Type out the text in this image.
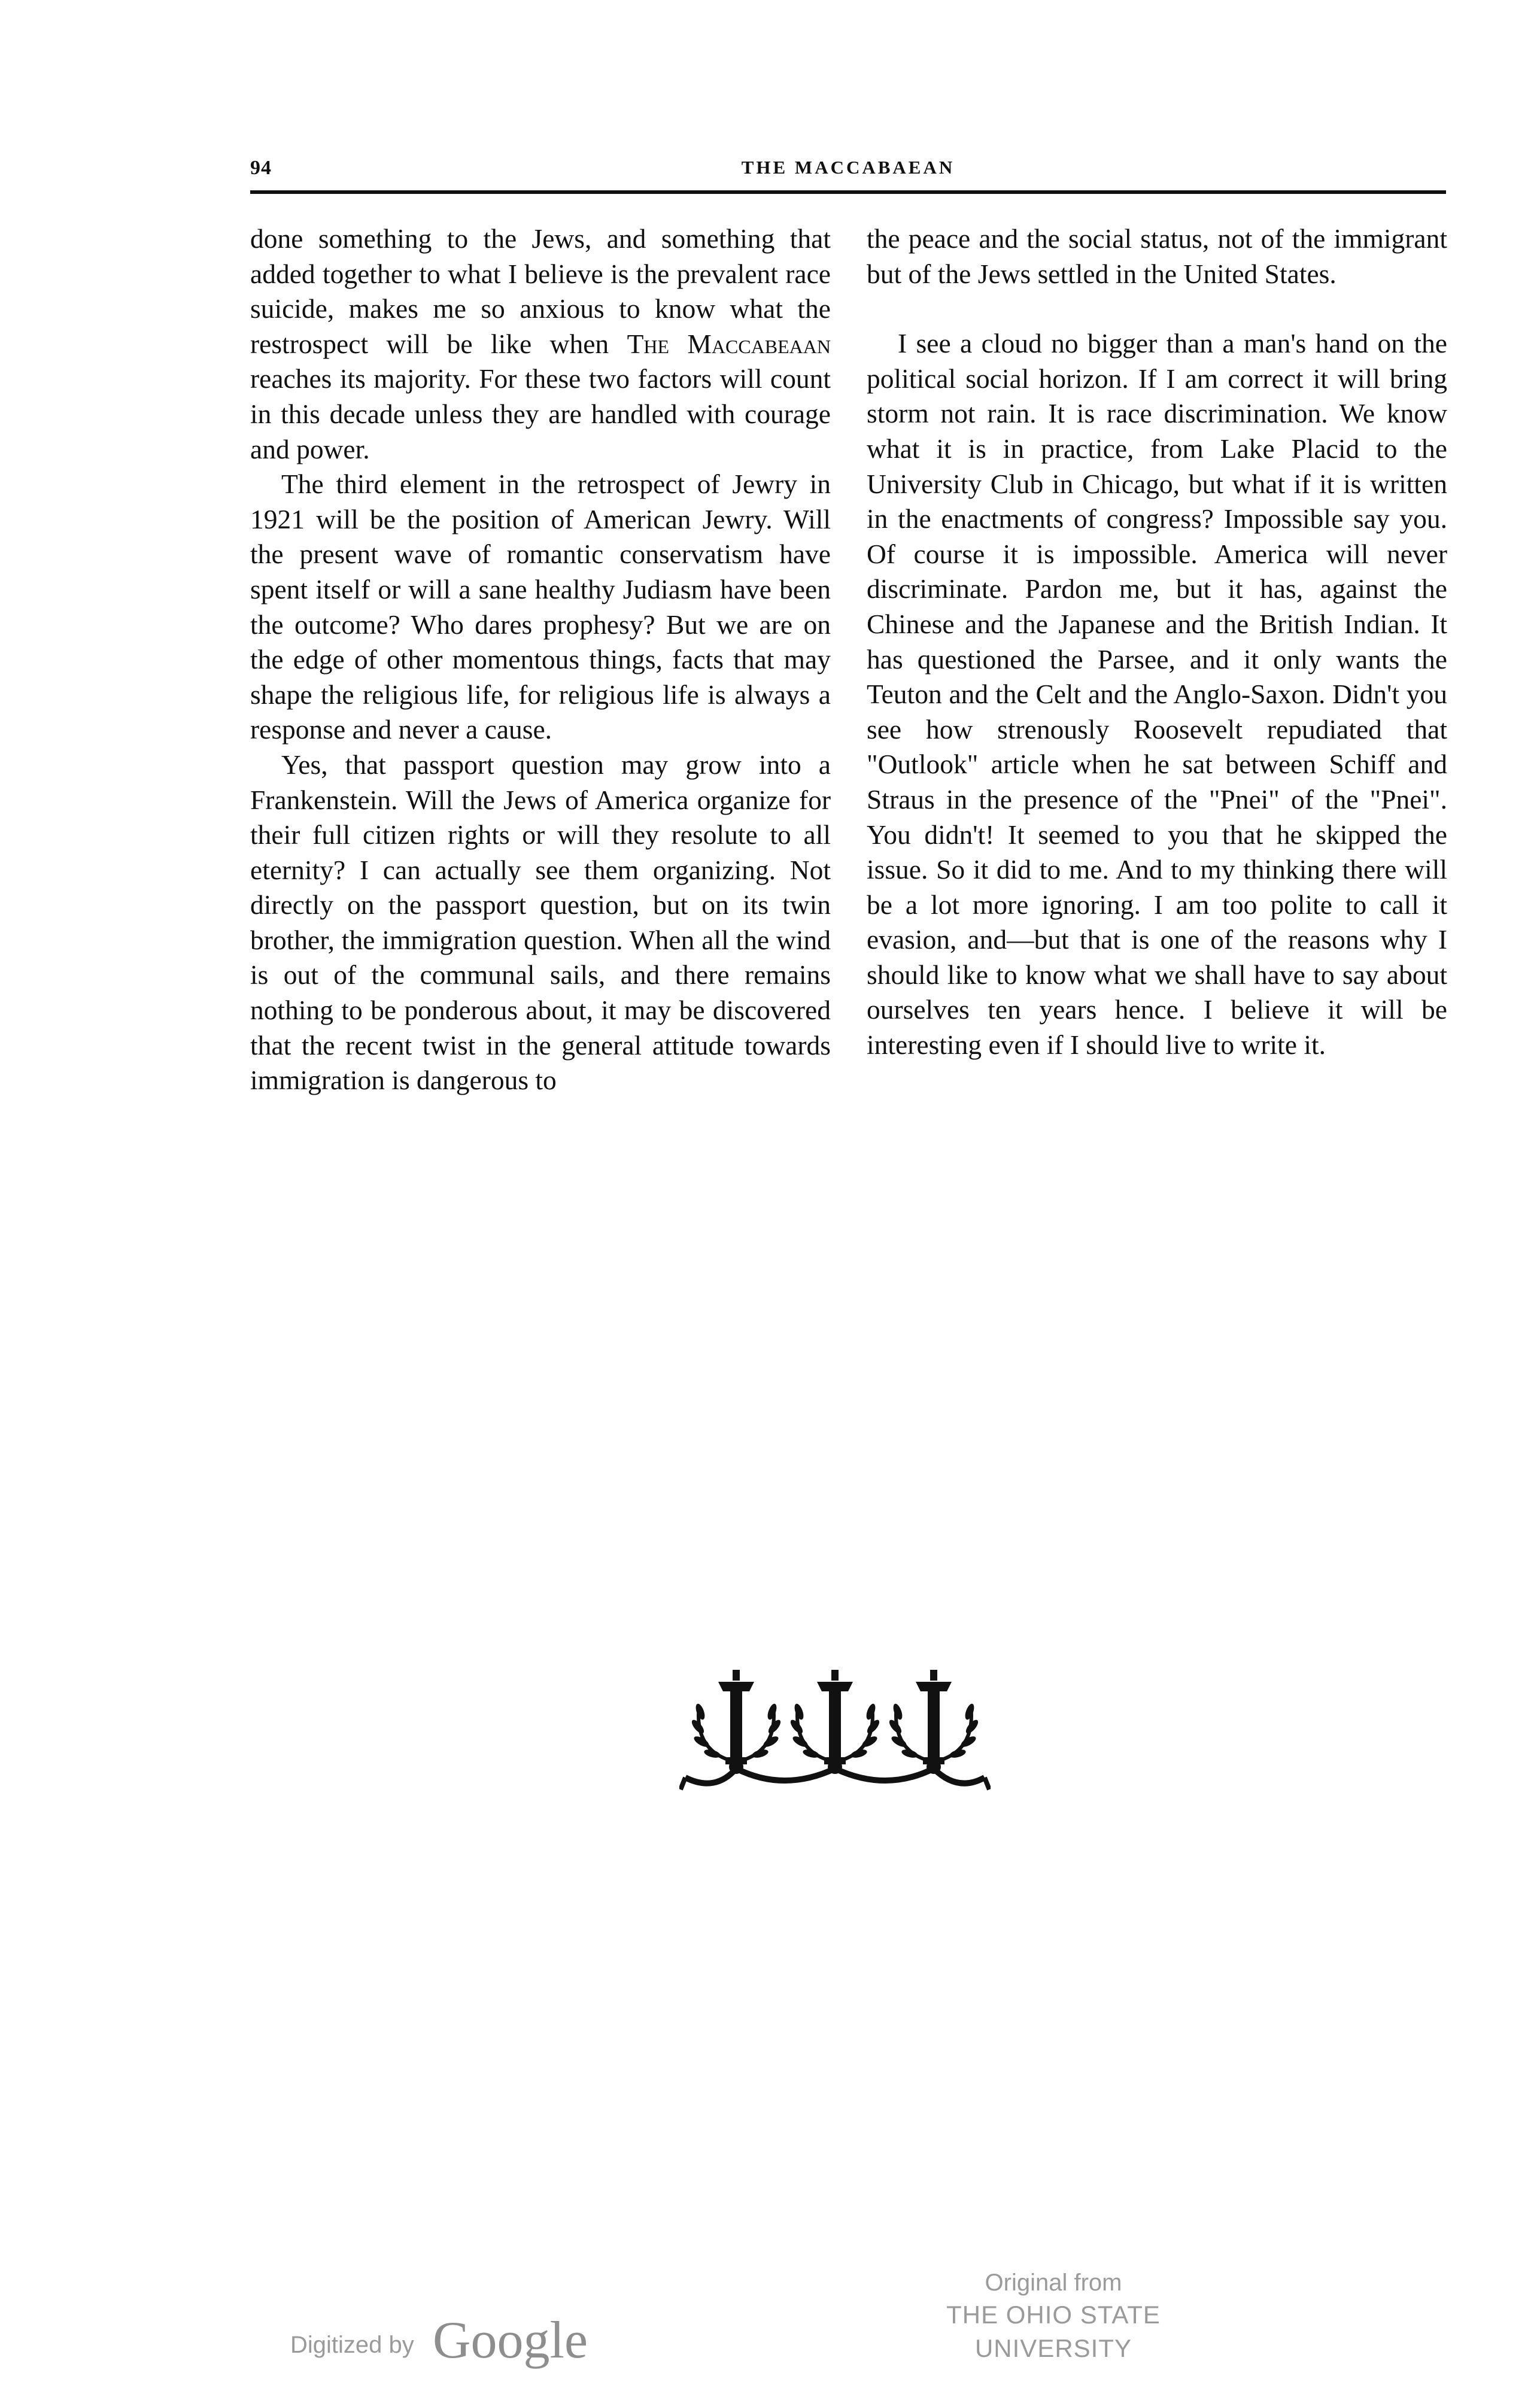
94	THE MACCABAEAN

done something to the Jews, and something that added together to what I believe is the prevalent race suicide, makes me so anxious to know what the restrospect will be like when The Maccabeaan reaches its majority. For these two factors will count in this decade unless they are handled with courage and power.

The third element in the retrospect of Jewry in 1921 will be the position of American Jewry. Will the present wave of romantic conservatism have spent itself or will a sane healthy Judiasm have been the outcome? Who dares prophesy? But we are on the edge of other momentous things, facts that may shape the religious life, for religious life is always a response and never a cause.

Yes, that passport question may grow into a Frankenstein. Will the Jews of America organize for their full citizen rights or will they resolute to all eternity? I can actually see them organizing. Not directly on the passport question, but on its twin brother, the immigration question. When all the wind is out of the communal sails, and there remains nothing to be ponderous about, it may be discovered that the recent twist in the general attitude towards immigration is dangerous to

the peace and the social status, not of the immigrant but of the Jews settled in the United States.

I see a cloud no bigger than a man's hand on the political social horizon. If I am correct it will bring storm not rain. It is race discrimination. We know what it is in practice, from Lake Placid to the University Club in Chicago, but what if it is written in the enactments of congress? Impossible say you. Of course it is impossible. America will never discriminate. Pardon me, but it has, against the Chinese and the Japanese and the British Indian. It has questioned the Parsee, and it only wants the Teuton and the Celt and the Anglo-Saxon. Didn't you see how strenously Roosevelt repudiated that "Outlook" article when he sat between Schiff and Straus in the presence of the "Pnei" of the "Pnei". You didn't! It seemed to you that he skipped the issue. So it did to me. And to my thinking there will be a lot more ignoring. I am too polite to call it evasion, and—but that is one of the reasons why I should like to know what we shall have to say about ourselves ten years hence. I believe it will be interesting even if I should live to write it.

Digitized by Google
Original from
THE OHIO STATE UNIVERSITY
